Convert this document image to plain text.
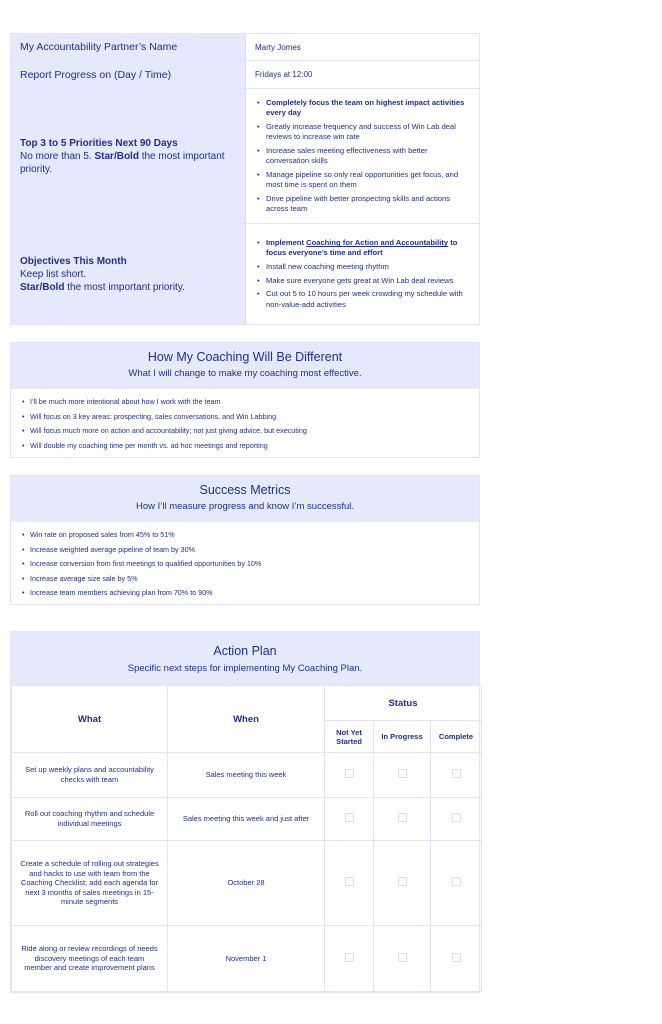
My Accountability Partner’s Name	Marty Jomes
Report Progress on (Day / Time)	Fridays at 12:00
Top 3 to 5 Priorities Next 90 Days
No more than 5. Star/Bold the most important priority.
• Completely focus the team on highest impact activities every day
• Greatly increase frequency and success of Win Lab deal reviews to increase win rate
• Increase sales meeting effectiveness with better conversation skills
• Manage pipeline so only real opportunities get focus, and most time is spent on them
• Drive pipeline with better prospecting skills and actions across team
Objectives This Month
Keep list short.
Star/Bold the most important priority.
• Implement Coaching for Action and Accountability to focus everyone’s time and effort
• Install new coaching meeting rhythm
• Make sure everyone gets great at Win Lab deal reviews
• Cut out 5 to 10 hours per week crowding my schedule with non-value-add activities
How My Coaching Will Be Different
What I will change to make my coaching most effective.
• I’ll be much more intentional about how I work with the team
• Will focus on 3 key areas: prospecting, sales conversations, and Win Labbing
• Will focus much more on action and accountability; not just giving advice, but executing
• Will double my coaching time per month vs. ad hoc meetings and reporting
Success Metrics
How I’ll measure progress and know I’m successful.
• Win rate on proposed sales from 45% to 51%
• Increase weighted average pipeline of team by 30%
• Increase conversion from first meetings to qualified opportunities by 10%
• Increase average size sale by 5%
• Increase team members achieving plan from 70% to 90%
Action Plan
Specific next steps for implementing My Coaching Plan.
What	When	Status		
		Not Yet Started	In Progress	Complete
Set up weekly plans and accountability checks with team	Sales meeting this week			
Roll out coaching rhythm and schedule individual meetings	Sales meeting this week and just after			
Create a schedule of rolling out strategies and hacks to use with team from the Coaching Checklist; add each agenda for next 3 months of sales meetings in 15-minute segments	October 28			
Ride along or review recordings of needs discovery meetings of each team member and create improvement plans	November 1			
